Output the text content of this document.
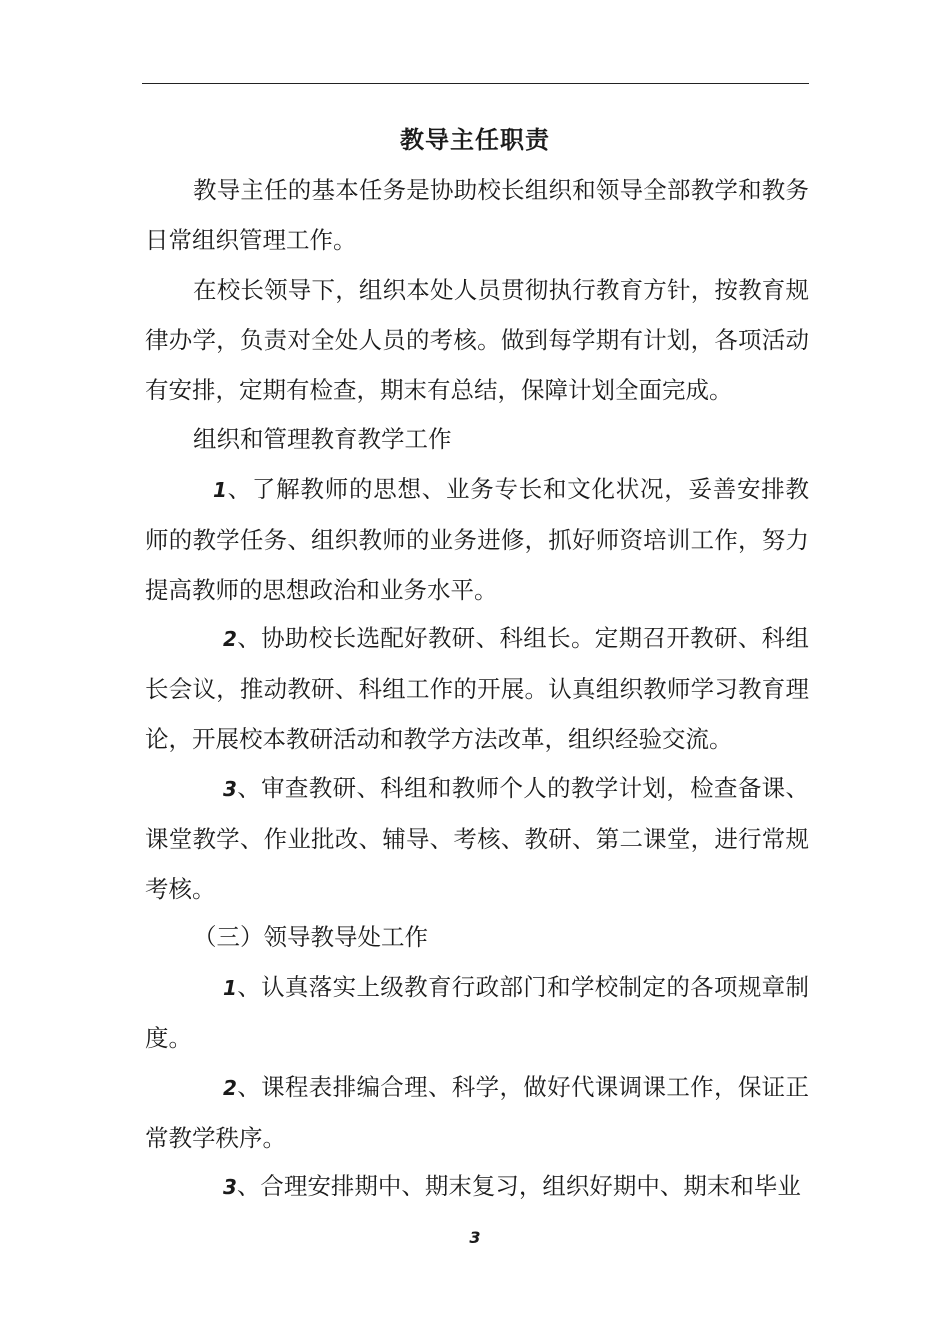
教导主任职责

教导主任的基本任务是协助校长组织和领导全部教学和教务日常组织管理工作。

在校长领导下，组织本处人员贯彻执行教育方针，按教育规律办学，负责对全处人员的考核。做到每学期有计划，各项活动有安排，定期有检查，期末有总结，保障计划全面完成。

组织和管理教育教学工作

1、了解教师的思想、业务专长和文化状况，妥善安排教师的教学任务、组织教师的业务进修，抓好师资培训工作，努力提高教师的思想政治和业务水平。

2、协助校长选配好教研、科组长。定期召开教研、科组长会议，推动教研、科组工作的开展。认真组织教师学习教育理论，开展校本教研活动和教学方法改革，组织经验交流。

3、审查教研、科组和教师个人的教学计划，检查备课、课堂教学、作业批改、辅导、考核、教研、第二课堂，进行常规考核。

（三）领导教导处工作

1、认真落实上级教育行政部门和学校制定的各项规章制度。

2、课程表排编合理、科学，做好代课调课工作，保证正常教学秩序。

3、合理安排期中、期末复习，组织好期中、期末和毕业

3
